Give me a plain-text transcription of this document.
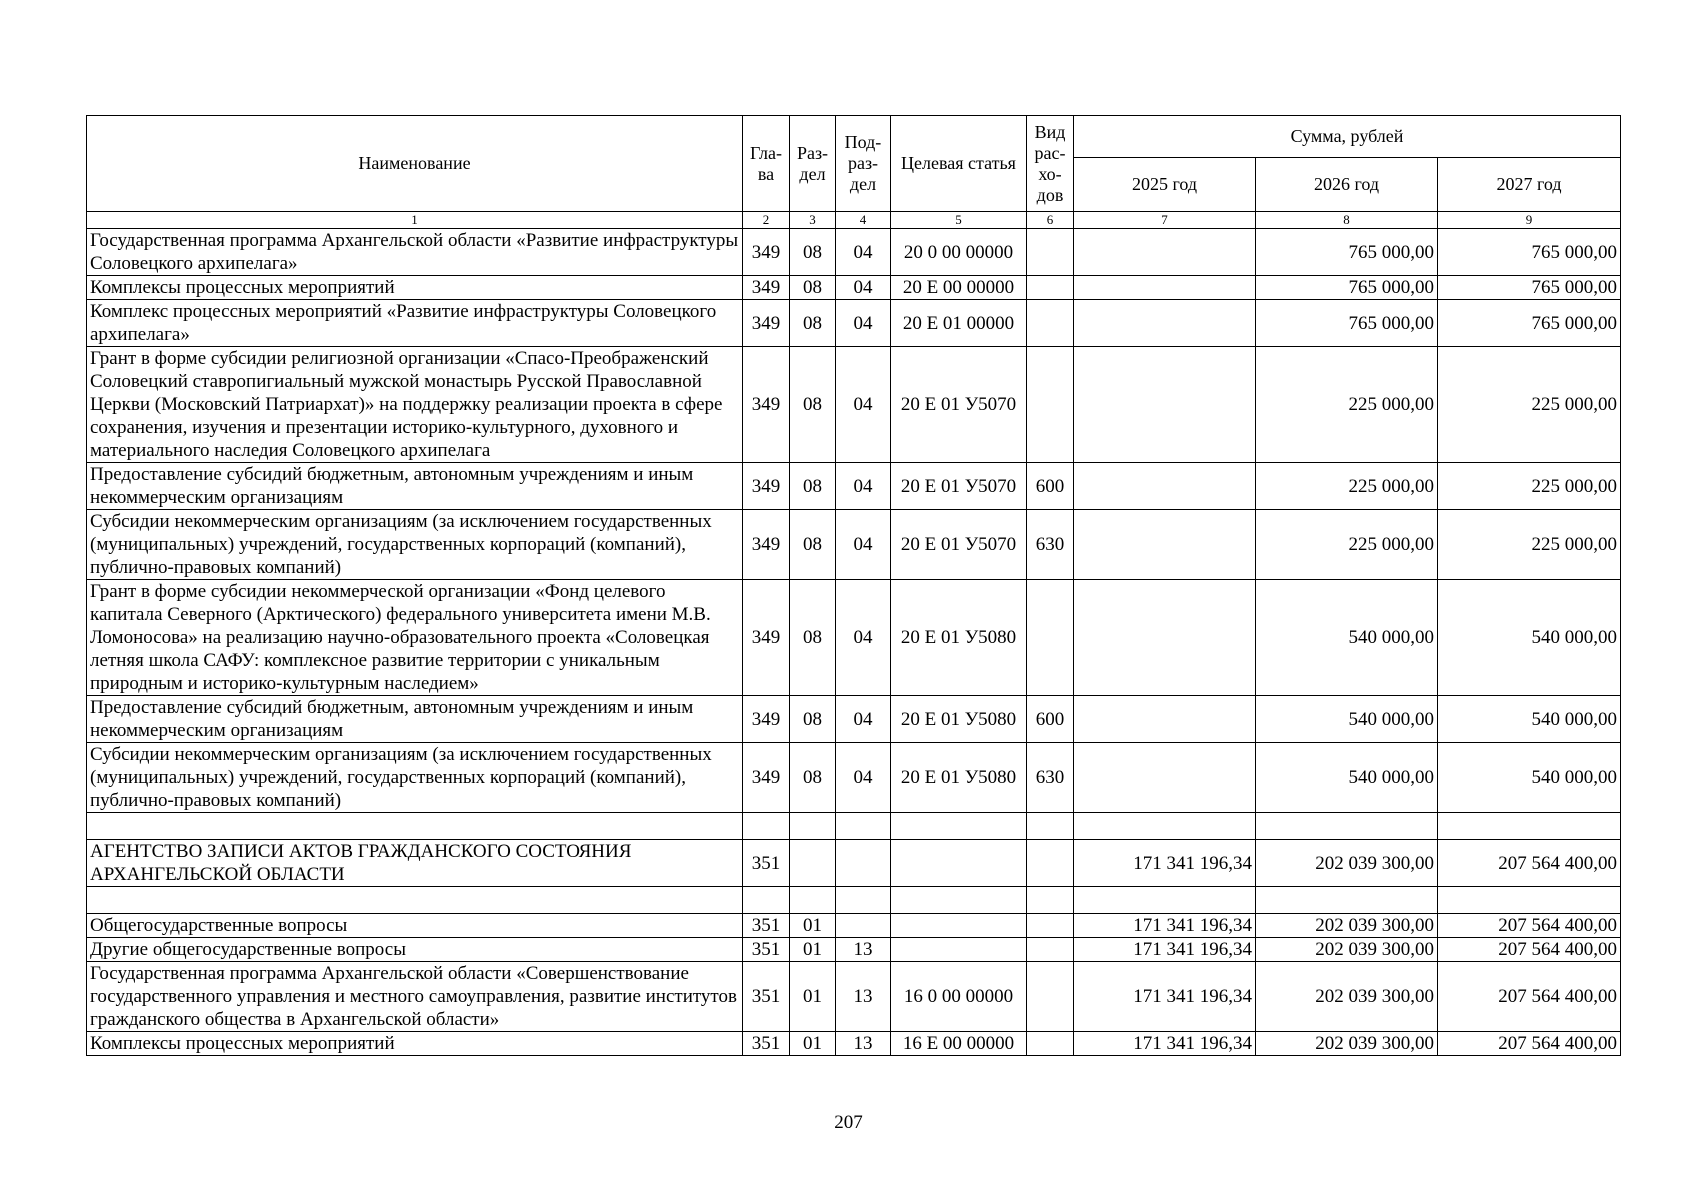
Наименование	Гла-ва	Раз-дел	Под-раз-дел	Целевая статья	Вид рас-хо-дов	Сумма, рублей		
						2025 год	2026 год	2027 год
1	2	3	4	5	6	7	8	9
Государственная программа Архангельской области «Развитие инфраструктуры Соловецкого архипелага»	349	08	04	20 0 00 00000			765 000,00	765 000,00
Комплексы процессных мероприятий	349	08	04	20 Е 00 00000			765 000,00	765 000,00
Комплекс процессных мероприятий «Развитие инфраструктуры Соловецкого архипелага»	349	08	04	20 Е 01 00000			765 000,00	765 000,00
Грант в форме субсидии религиозной организации «Спасо-Преображенский Соловецкий ставропигиальный мужской монастырь Русской Православной Церкви (Московский Патриархат)» на поддержку реализации проекта в сфере сохранения, изучения и презентации историко-культурного, духовного и материального наследия Соловецкого архипелага	349	08	04	20 Е 01 У5070			225 000,00	225 000,00
Предоставление субсидий бюджетным, автономным учреждениям и иным некоммерческим организациям	349	08	04	20 Е 01 У5070	600		225 000,00	225 000,00
Субсидии некоммерческим организациям (за исключением государственных (муниципальных) учреждений, государственных корпораций (компаний), публично-правовых компаний)	349	08	04	20 Е 01 У5070	630		225 000,00	225 000,00
Грант в форме субсидии некоммерческой организации «Фонд целевого капитала Северного (Арктического) федерального университета имени М.В. Ломоносова» на реализацию научно-образовательного проекта «Соловецкая летняя школа САФУ: комплексное развитие территории с уникальным природным и историко-культурным наследием»	349	08	04	20 Е 01 У5080			540 000,00	540 000,00
Предоставление субсидий бюджетным, автономным учреждениям и иным некоммерческим организациям	349	08	04	20 Е 01 У5080	600		540 000,00	540 000,00
Субсидии некоммерческим организациям (за исключением государственных (муниципальных) учреждений, государственных корпораций (компаний), публично-правовых компаний)	349	08	04	20 Е 01 У5080	630		540 000,00	540 000,00

АГЕНТСТВО ЗАПИСИ АКТОВ ГРАЖДАНСКОГО СОСТОЯНИЯ АРХАНГЕЛЬСКОЙ ОБЛАСТИ	351					171 341 196,34	202 039 300,00	207 564 400,00

Общегосударственные вопросы	351	01				171 341 196,34	202 039 300,00	207 564 400,00
Другие общегосударственные вопросы	351	01	13			171 341 196,34	202 039 300,00	207 564 400,00
Государственная программа Архангельской области «Совершенствование государственного управления и местного самоуправления, развитие институтов гражданского общества в Архангельской области»	351	01	13	16 0 00 00000		171 341 196,34	202 039 300,00	207 564 400,00
Комплексы процессных мероприятий	351	01	13	16 Е 00 00000		171 341 196,34	202 039 300,00	207 564 400,00
207
